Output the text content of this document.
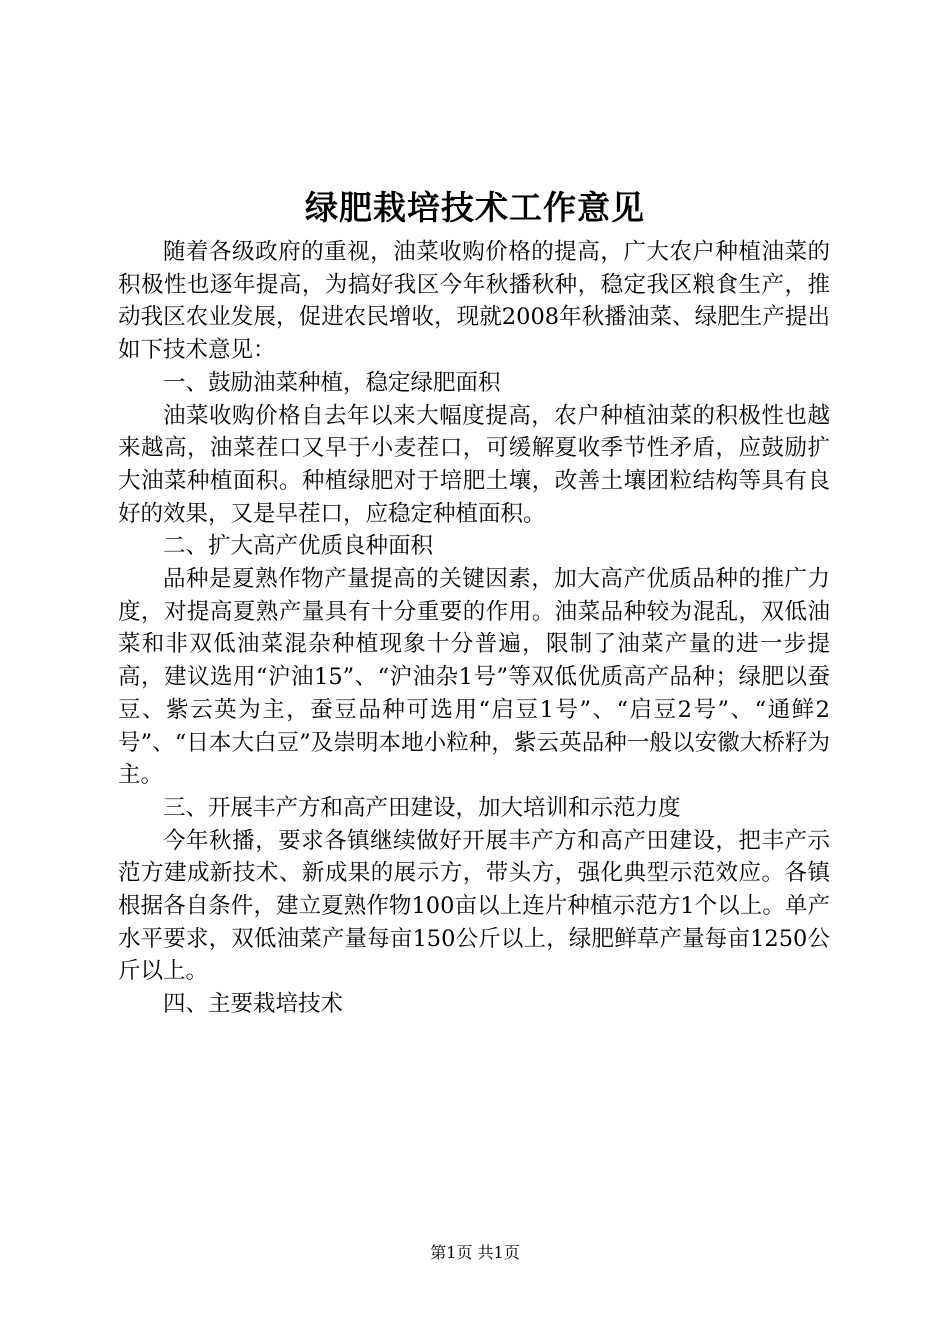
绿肥栽培技术工作意见

随着各级政府的重视，油菜收购价格的提高，广大农户种植油菜的积极性也逐年提高，为搞好我区今年秋播秋种，稳定我区粮食生产，推动我区农业发展，促进农民增收，现就2008年秋播油菜、绿肥生产提出如下技术意见：

一、鼓励油菜种植，稳定绿肥面积

油菜收购价格自去年以来大幅度提高，农户种植油菜的积极性也越来越高，油菜茬口又早于小麦茬口，可缓解夏收季节性矛盾，应鼓励扩大油菜种植面积。种植绿肥对于培肥土壤，改善土壤团粒结构等具有良好的效果，又是早茬口，应稳定种植面积。

二、扩大高产优质良种面积

品种是夏熟作物产量提高的关键因素，加大高产优质品种的推广力度，对提高夏熟产量具有十分重要的作用。油菜品种较为混乱，双低油菜和非双低油菜混杂种植现象十分普遍，限制了油菜产量的进一步提高，建议选用“沪油15”、“沪油杂1号”等双低优质高产品种；绿肥以蚕豆、紫云英为主，蚕豆品种可选用“启豆1号”、“启豆2号”、“通鲜2号”、“日本大白豆”及崇明本地小粒种，紫云英品种一般以安徽大桥籽为主。

三、开展丰产方和高产田建设，加大培训和示范力度

今年秋播，要求各镇继续做好开展丰产方和高产田建设，把丰产示范方建成新技术、新成果的展示方，带头方，强化典型示范效应。各镇根据各自条件，建立夏熟作物100亩以上连片种植示范方1个以上。单产水平要求，双低油菜产量每亩150公斤以上，绿肥鲜草产量每亩1250公斤以上。

四、主要栽培技术

第1页 共1页
